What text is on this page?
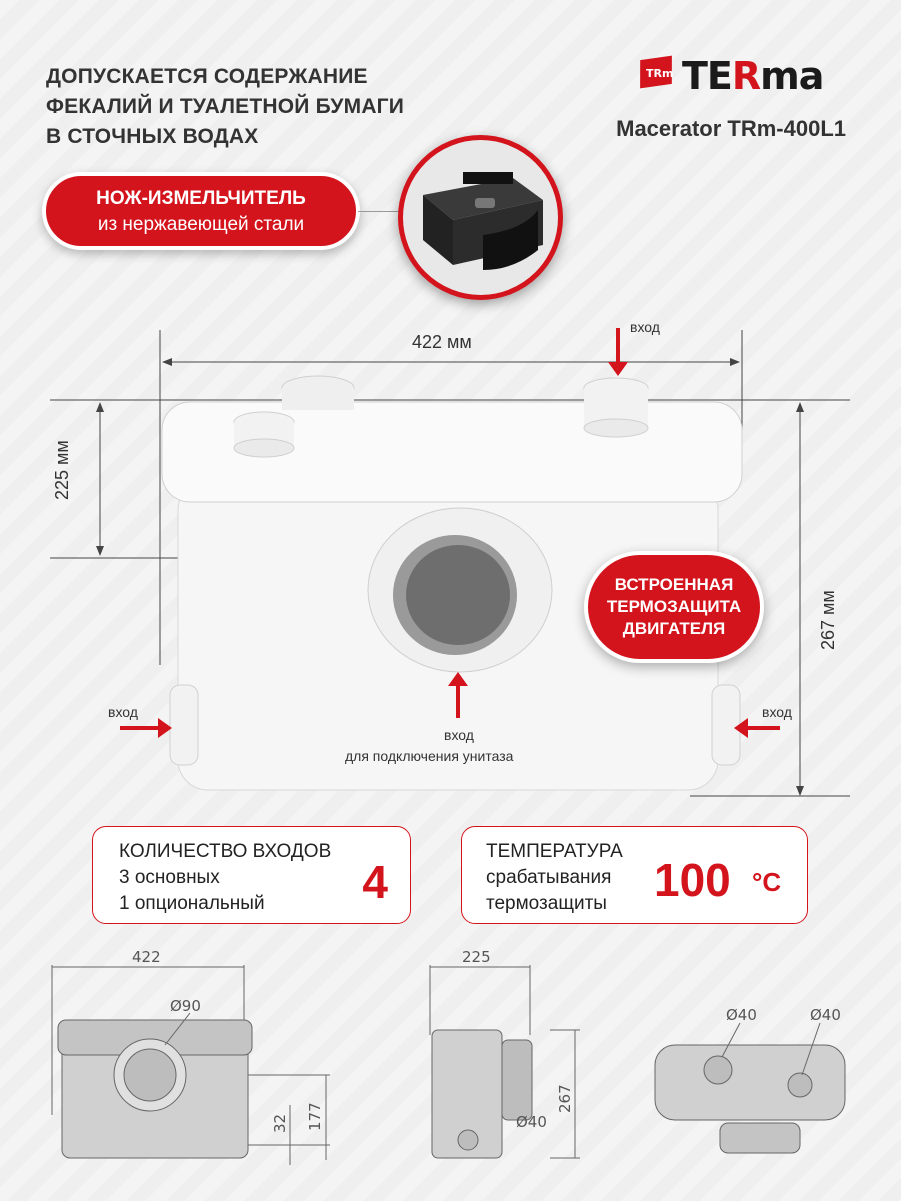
ДОПУСКАЕТСЯ СОДЕРЖАНИЕ
ФЕКАЛИЙ И ТУАЛЕТНОЙ БУМАГИ
В СТОЧНЫХ ВОДАХ
TRm TERma
Macerator TRm-400L1
НОЖ-ИЗМЕЛЬЧИТЕЛЬ
из нержавеющей стали
422 мм
225 мм
267 мм
вход
вход	вход
вход
для подключения унитаза
ВСТРОЕННАЯ
ТЕРМОЗАЩИТА
ДВИГАТЕЛЯ
КОЛИЧЕСТВО ВХОДОВ
3 основных
1 опциональный	4
ТЕМПЕРАТУРА
срабатывания
термозащиты	100 °C
422
Ø90
32 177
225
Ø40
267
Ø40	Ø40
